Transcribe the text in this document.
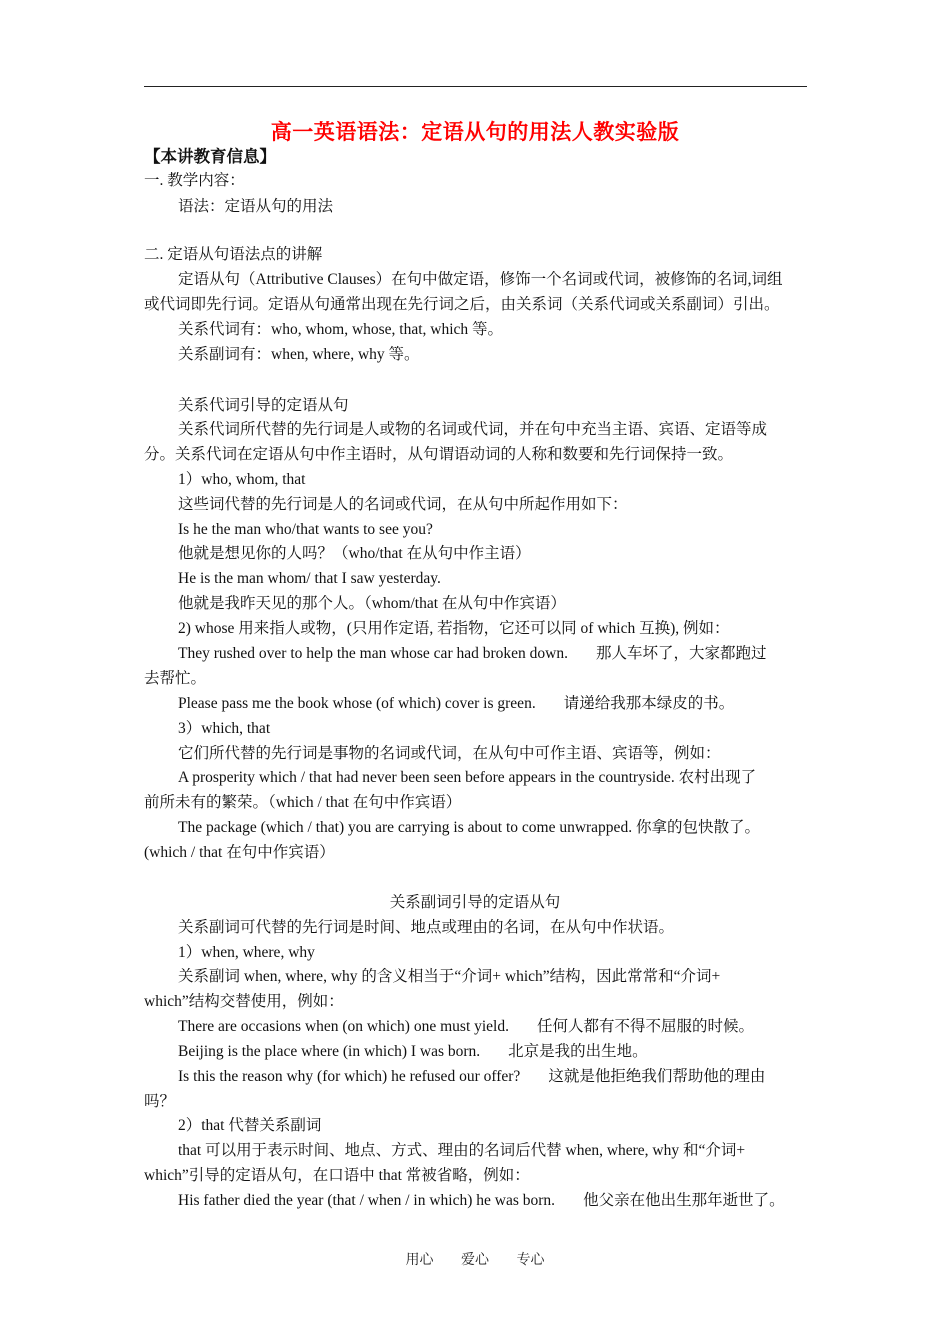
高一英语语法：定语从句的用法人教实验版
【本讲教育信息】
一. 教学内容：
语法：定语从句的用法
二. 定语从句语法点的讲解
定语从句（Attributive Clauses）在句中做定语，修饰一个名词或代词，被修饰的名词,词组
或代词即先行词。定语从句通常出现在先行词之后，由关系词（关系代词或关系副词）引出。
关系代词有：who, whom, whose, that, which 等。
关系副词有：when, where, why 等。
关系代词引导的定语从句
关系代词所代替的先行词是人或物的名词或代词，并在句中充当主语、宾语、定语等成
分。关系代词在定语从句中作主语时，从句谓语动词的人称和数要和先行词保持一致。
1）who, whom, that
这些词代替的先行词是人的名词或代词，在从句中所起作用如下：
Is he the man who/that wants to see you?
他就是想见你的人吗？（who/that 在从句中作主语）
He is the man whom/ that I saw yesterday.
他就是我昨天见的那个人。（whom/that 在从句中作宾语）
2) whose 用来指人或物，(只用作定语, 若指物，它还可以同 of which 互换), 例如：
They rushed over to help the man whose car had broken down. 那人车坏了，大家都跑过
去帮忙。
Please pass me the book whose (of which) cover is green. 请递给我那本绿皮的书。
3）which, that
它们所代替的先行词是事物的名词或代词，在从句中可作主语、宾语等，例如：
A prosperity which / that had never been seen before appears in the countryside. 农村出现了
前所未有的繁荣。（which / that 在句中作宾语）
The package (which / that) you are carrying is about to come unwrapped. 你拿的包快散了。
(which / that 在句中作宾语）
关系副词引导的定语从句
关系副词可代替的先行词是时间、地点或理由的名词，在从句中作状语。
1）when, where, why
关系副词 when, where, why 的含义相当于“介词+ which”结构，因此常常和“介词+
which”结构交替使用，例如：
There are occasions when (on which) one must yield. 任何人都有不得不屈服的时候。
Beijing is the place where (in which) I was born. 北京是我的出生地。
Is this the reason why (for which) he refused our offer? 这就是他拒绝我们帮助他的理由
吗？
2）that 代替关系副词
that 可以用于表示时间、地点、方式、理由的名词后代替 when, where, why 和“介词+
which”引导的定语从句，在口语中 that 常被省略，例如：
His father died the year (that / when / in which) he was born. 他父亲在他出生那年逝世了。
用心 爱心 专心
